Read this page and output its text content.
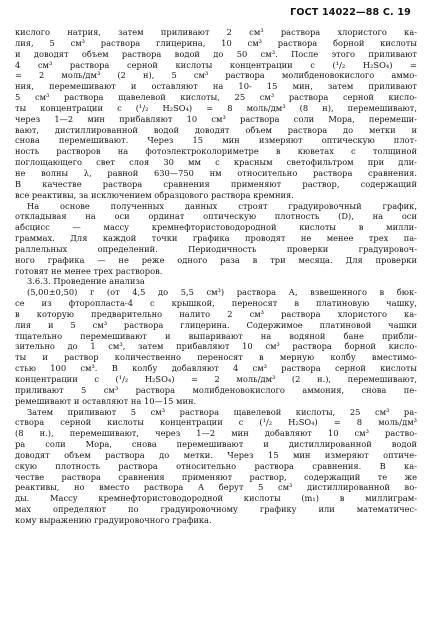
ГОСТ 14022—88 С. 19
кислого натрия, затем приливают 2 см³ раствора хлористого ка-
лия, 5 см³ раствора глицерина, 10 см³ раствора борной кислоты
и доводят объем раствора водой до 50 см³. После этого приливают
4 см³ раствора серной кислоты концентрации с (¹/₂ H₂SO₄) =
= 2 моль/дм³ (2 н), 5 см³ раствора молибденовокислого аммо-
ния, перемешивают и оставляют на 10- 15 мин, затем приливают
5 см³ раствора щавелевой кислоты, 25 см³ раствора серной кисло-
ты концентрации с (¹/₂ H₂SO₄) = 8 моль/дм³ (8 н), перемешивают,
через 1—2 мин прибавляют 10 см³ раствора соли Мора, перемеши-
вают, дистиллированной водой доводят объем раствора до метки и
снова перемешивают. Через 15 мин измеряют оптическую плот-
ность растворов на фотоэлектроколориметре в кюветах с толщиной
поглощающего свет слоя 30 мм с красным светофильтром при дли-
не волны λ, равной 630—750 нм относительно раствора сравнения.
В качестве раствора сравнения применяют раствор, содержащий
все реактивы, за исключением образцового раствора кремния.
На основе полученных данных строят градуировочный график,
откладывая на оси ординат оптическую плотность (D), на оси
абсцисс — массу кремнефтористоводородной кислоты в милли-
граммах. Для каждой точки графика проводят не менее трех па-
раллельных определений. Периодичность проверки градуировоч-
ного графика — не реже одного раза в три месяца. Для проверки
готовят не менее трех растворов.
3.6.3. Проведение анализа
(5,00±0,50) г (от 4,5 до 5,5 см³) раствора А, взвешенного в бюк-
се из фторопласта-4 с крышкой, переносят в платиновую чашку,
в которую предварительно налито 2 см³ раствора хлористого ка-
лия и 5 см³ раствора глицерина. Содержимое платиновой чашки
тщательно перемешивают и выпаривают на водяной бане прибли-
зительно до 1 см³, затем прибавляют 10 см³ раствора борной кисло-
ты и раствор количественно переносят в мерную колбу вместимо-
стью 100 см³. В колбу добавляют 4 см³ раствора серной кислоты
концентрации с (¹/₂ H₂SO₄) = 2 моль/дм³ (2 н.), перемешивают,
приливают 5 см³ раствора молибденовокислого аммония, снова пе-
ремешивают и оставляют на 10—15 мин.
Затем приливают 5 см³ раствора щавелевой кислоты, 25 см³ ра-
створа серной кислоты концентрации с (¹/₂ H₂SO₄) = 8 моль/дм³
(8 н.), перемешивают, через 1—2 мин добавляют 10 см³ раство-
ра соли Мора, снова перемешивают и дистиллированной водой
доводят объем раствора до метки. Через 15 мин измеряют оптиче-
скую плотность раствора относительно раствора сравнения. В ка-
честве раствора сравнения применяют раствор, содержащий те же
реактивы, но вместо раствора А берут 5 см³ дистиллированной во-
ды. Массу кремнефтористоводородной кислоты (m₁) в миллиграм-
мах определяют по градуировочному графику или математичес-
кому выражению градуировочного графика.
